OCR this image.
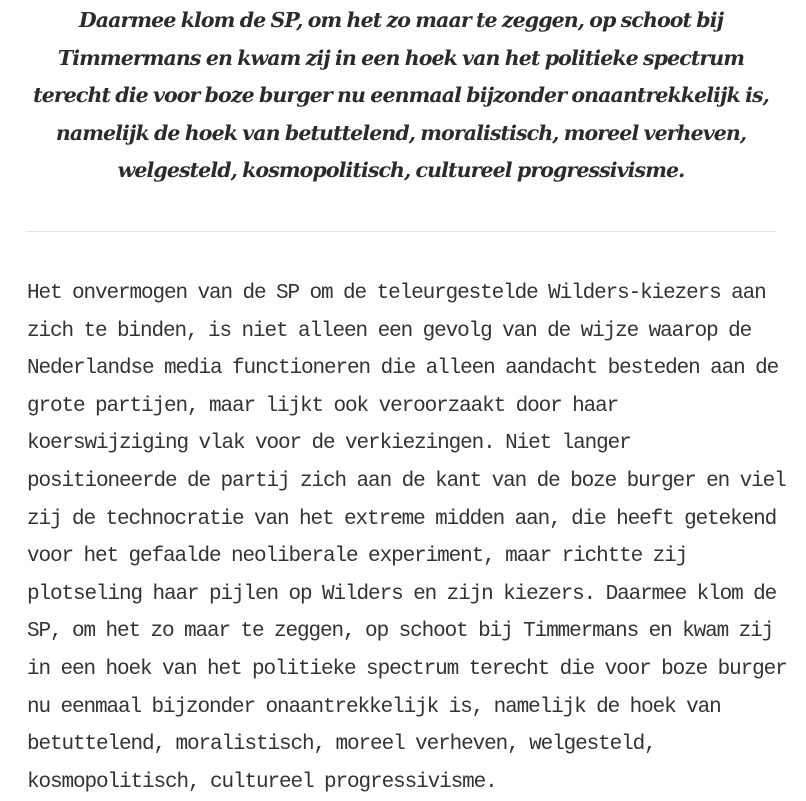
Daarmee klom de SP, om het zo maar te zeggen, op schoot bij Timmermans en kwam zij in een hoek van het politieke spectrum terecht die voor boze burger nu eenmaal bijzonder onaantrekkelijk is, namelijk de hoek van betuttelend, moralistisch, moreel verheven, welgesteld, kosmopolitisch, cultureel progressivisme.

Het onvermogen van de SP om de teleurgestelde Wilders-kiezers aan zich te binden, is niet alleen een gevolg van de wijze waarop de Nederlandse media functioneren die alleen aandacht besteden aan de grote partijen, maar lijkt ook veroorzaakt door haar koerswijziging vlak voor de verkiezingen. Niet langer positioneerde de partij zich aan de kant van de boze burger en viel zij de technocratie van het extreme midden aan, die heeft getekend voor het gefaalde neoliberale experiment, maar richtte zij plotseling haar pijlen op Wilders en zijn kiezers. Daarmee klom de SP, om het zo maar te zeggen, op schoot bij Timmermans en kwam zij in een hoek van het politieke spectrum terecht die voor boze burger nu eenmaal bijzonder onaantrekkelijk is, namelijk de hoek van betuttelend, moralistisch, moreel verheven, welgesteld, kosmopolitisch, cultureel progressivisme.
